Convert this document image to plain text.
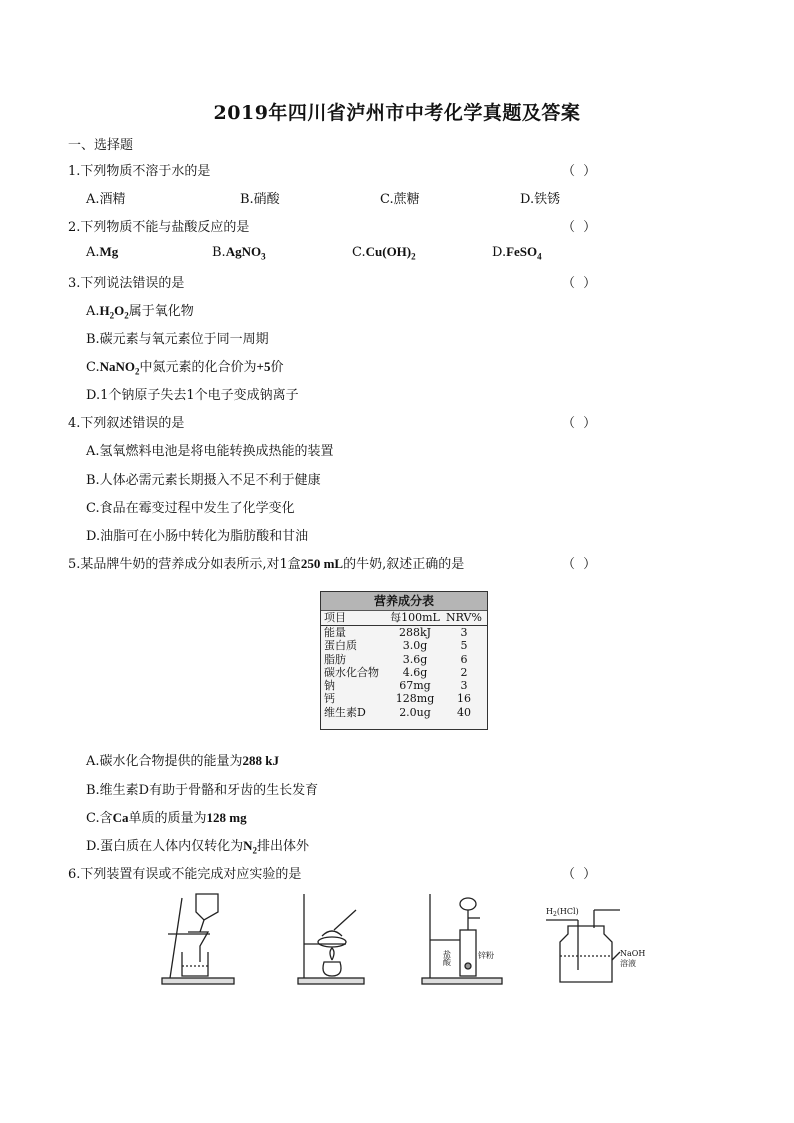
2019年四川省泸州市中考化学真题及答案
一、选择题
1.下列物质不溶于水的是	（ ）
A.酒精	B.硝酸	C.蔗糖	D.铁锈
2.下列物质不能与盐酸反应的是	（ ）
A.Mg	B.AgNO$_3$	$C.Cu(OH)_2$	D.FeSO$_4$
3.下列说法错误的是	（ ）
$A.H_2O_2$属于氧化物
B.碳元素与氧元素位于同一周期
C.NaNO$_2$中氮元素的化合价为+5价
D.1个钠原子失去1个电子变成钠离子
4.下列叙述错误的是	（ ）
A.氢氧燃料电池是将电能转换成热能的装置
B.人体必需元素长期摄入不足不利于健康
C.食品在霉变过程中发生了化学变化
D.油脂可在小肠中转化为脂肪酸和甘油
5.某品牌牛奶的营养成分如表所示,对1盒250 mL的牛奶,叙述正确的是	（ ）
营养成分表
项目	每100mL NRV%
能量	288kJ	3
蛋白质	3.0g	5
脂肪	3.6g	6
碳水化合物	4.6g	2
钠	67mg	3
钙	128mg	16
维生素D	2.0ug	40
A.碳水化合物提供的能量为288 kJ
B.维生素D有助于骨骼和牙齿的生长发育
C.含Ca单质的质量为128 mg
D.蛋白质在人体内仅转化为$N_2$排出体外
6.下列装置有误或不能完成对应实验的是	（ ）
盐酸	锌粉
$H_2(HCl)$
NaOH
溶液
